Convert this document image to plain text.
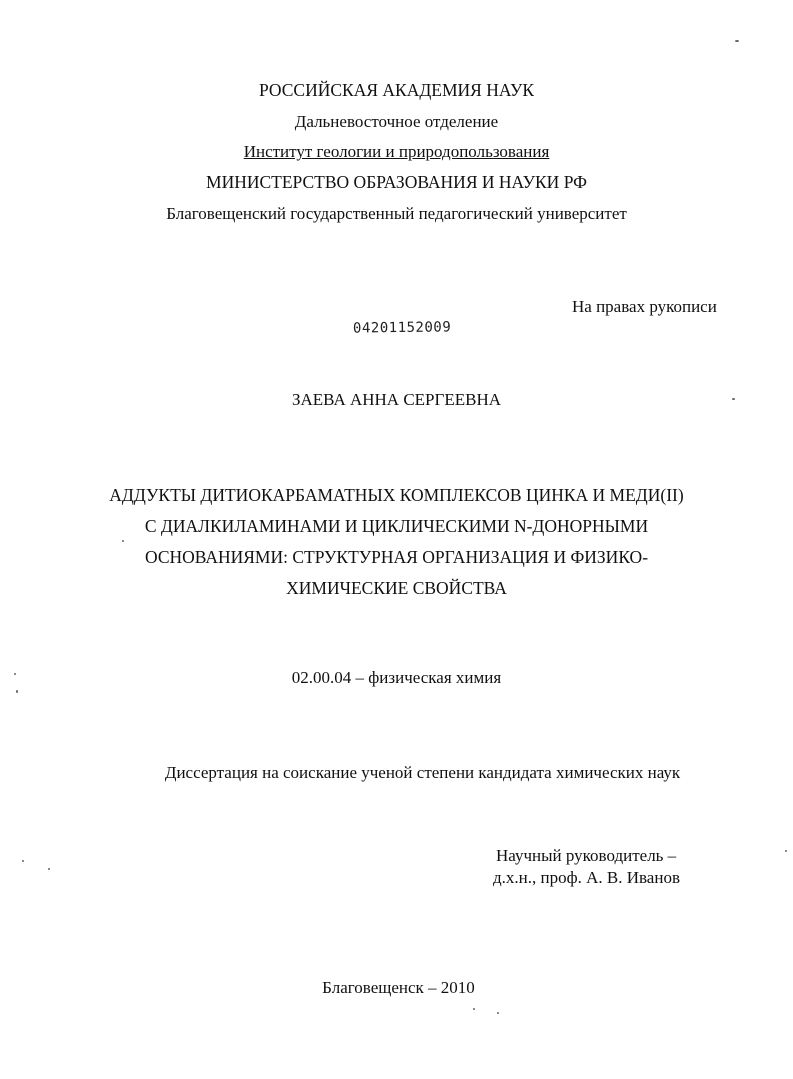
РОССИЙСКАЯ АКАДЕМИЯ НАУК
Дальневосточное отделение
Институт геологии и природопользования
МИНИСТЕРСТВО ОБРАЗОВАНИЯ И НАУКИ РФ
Благовещенский государственный педагогический университет
На правах рукописи
04201152009
ЗАЕВА АННА СЕРГЕЕВНА
АДДУКТЫ ДИТИОКАРБАМАТНЫХ КОМПЛЕКСОВ ЦИНКА И МЕДИ(II)
С ДИАЛКИЛАМИНАМИ И ЦИКЛИЧЕСКИМИ N-ДОНОРНЫМИ
ОСНОВАНИЯМИ: СТРУКТУРНАЯ ОРГАНИЗАЦИЯ И ФИЗИКО-
ХИМИЧЕСКИЕ СВОЙСТВА
02.00.04 – физическая химия
Диссертация на соискание ученой степени кандидата химических наук
Научный руководитель –
д.х.н., проф. А. В. Иванов
Благовещенск – 2010
